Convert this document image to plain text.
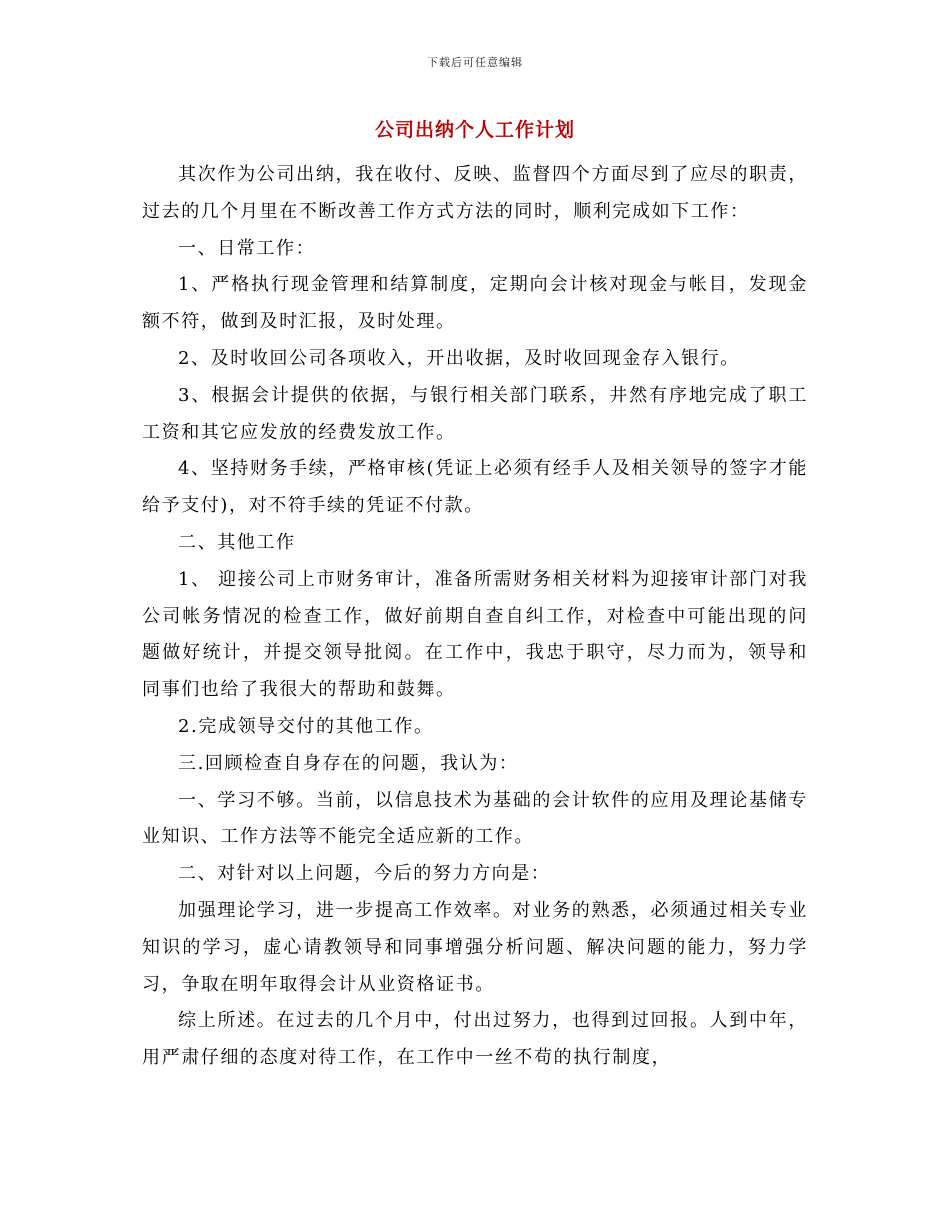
下载后可任意编辑
公司出纳个人工作计划

其次作为公司出纳，我在收付、反映、监督四个方面尽到了应尽的职责，过去的几个月里在不断改善工作方式方法的同时，顺利完成如下工作：

一、日常工作：

1、严格执行现金管理和结算制度，定期向会计核对现金与帐目，发现金额不符，做到及时汇报，及时处理。

2、及时收回公司各项收入，开出收据，及时收回现金存入银行。

3、根据会计提供的依据，与银行相关部门联系，井然有序地完成了职工工资和其它应发放的经费发放工作。

4、坚持财务手续，严格审核(凭证上必须有经手人及相关领导的签字才能给予支付)，对不符手续的凭证不付款。

二、其他工作

1、 迎接公司上市财务审计，准备所需财务相关材料为迎接审计部门对我公司帐务情况的检查工作，做好前期自查自纠工作，对检查中可能出现的问题做好统计，并提交领导批阅。在工作中，我忠于职守，尽力而为，领导和同事们也给了我很大的帮助和鼓舞。

2.完成领导交付的其他工作。

三.回顾检查自身存在的问题，我认为：

一、学习不够。当前，以信息技术为基础的会计软件的应用及理论基储专业知识、工作方法等不能完全适应新的工作。

二、对针对以上问题，今后的努力方向是：

加强理论学习，进一步提高工作效率。对业务的熟悉，必须通过相关专业知识的学习，虚心请教领导和同事增强分析问题、解决问题的能力，努力学习，争取在明年取得会计从业资格证书。

综上所述。在过去的几个月中，付出过努力，也得到过回报。人到中年，用严肃仔细的态度对待工作，在工作中一丝不苟的执行制度，
